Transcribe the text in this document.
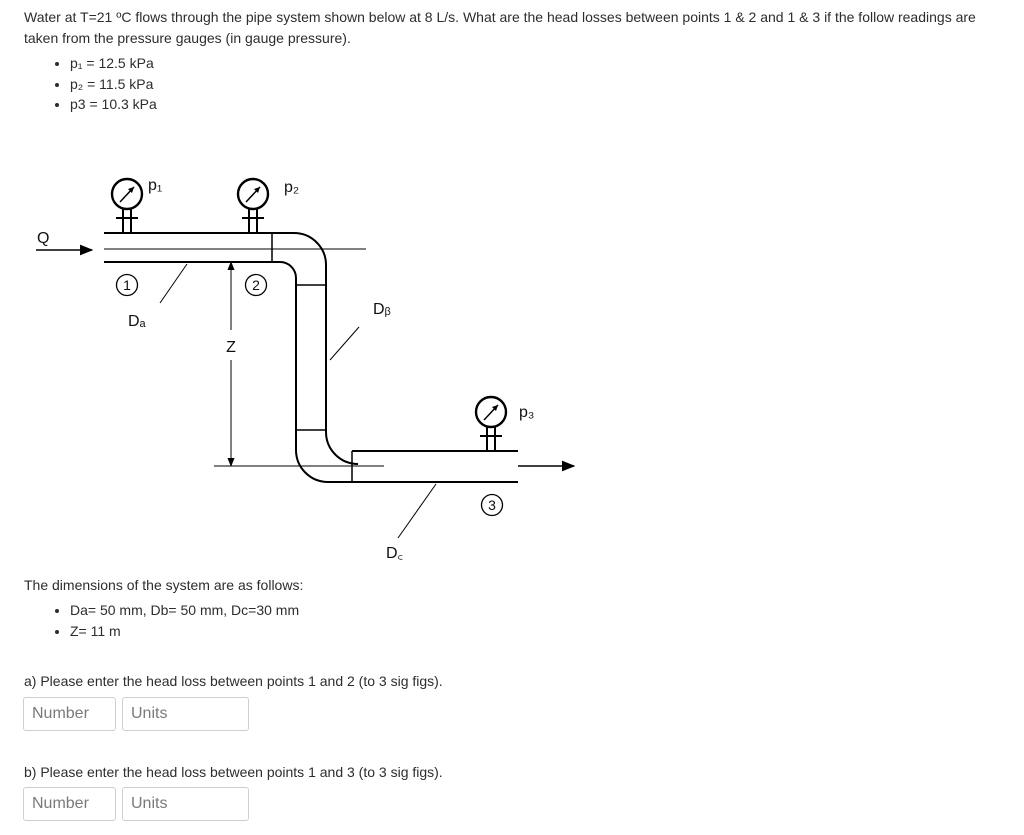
Water at T=21 ºC flows through the pipe system shown below at 8 L/s. What are the head losses between points 1 & 2 and 1 & 3 if the follow readings are

taken from the pressure gauges (in gauge pressure).

• p₁ = 12.5 kPa
• p₂ = 11.5 kPa
• p3 = 10.3 kPa
Q
p₁	p₂
p₃
1	2
3
Dₐ
Dᵦ
D꜀
Z

The dimensions of the system are as follows:

• Da= 50 mm, Db= 50 mm, Dc=30 mm
• Z= 11 m

a) Please enter the head loss between points 1 and 2 (to 3 sig figs).

Number
Units

b) Please enter the head loss between points 1 and 3 (to 3 sig figs).

Number
Units
